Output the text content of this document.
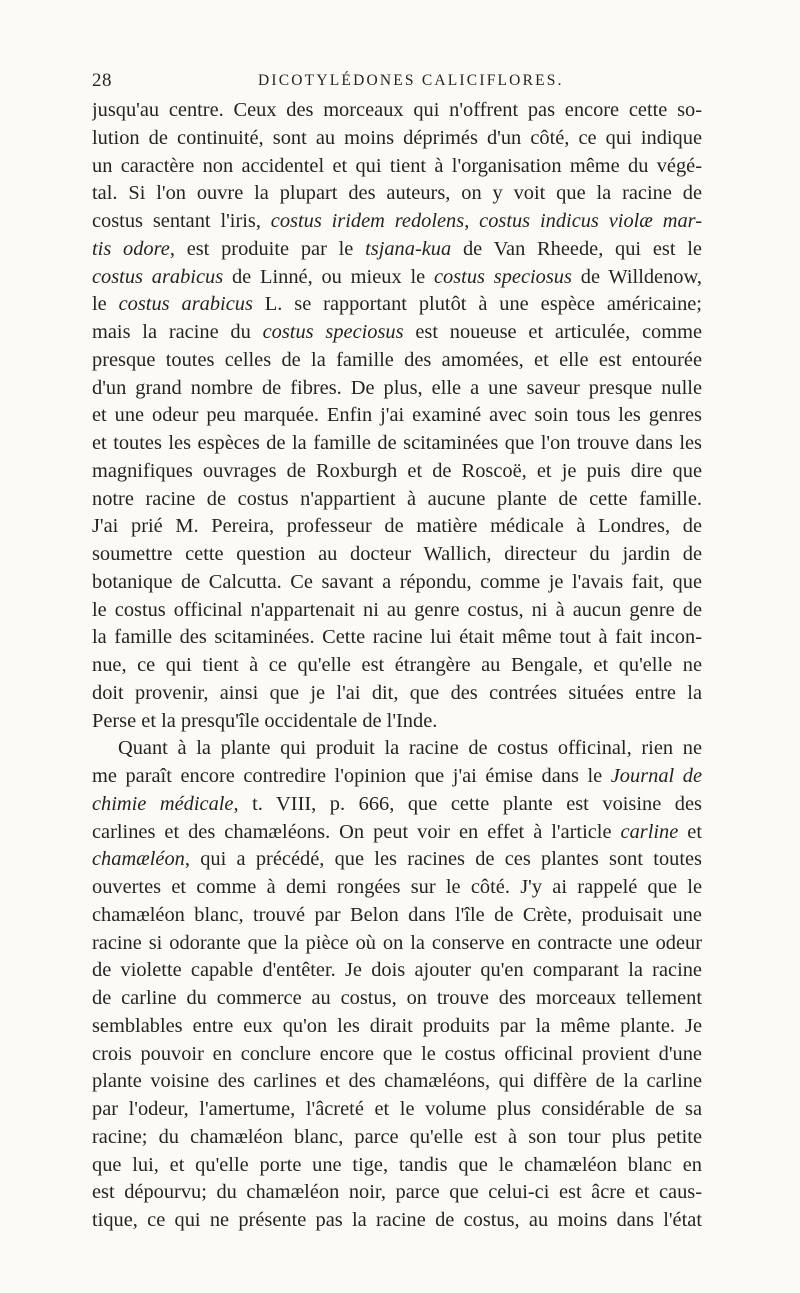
28	DICOTYLÉDONES CALICIFLORES.
jusqu'au centre. Ceux des morceaux qui n'offrent pas encore cette so-
lution de continuité, sont au moins déprimés d'un côté, ce qui indique
un caractère non accidentel et qui tient à l'organisation même du végé-
tal. Si l'on ouvre la plupart des auteurs, on y voit que la racine de
costus sentant l'iris, costus iridem redolens, costus indicus violæ mar-
tis odore, est produite par le tsjana-kua de Van Rheede, qui est le
costus arabicus de Linné, ou mieux le costus speciosus de Willdenow,
le costus arabicus L. se rapportant plutôt à une espèce américaine;
mais la racine du costus speciosus est noueuse et articulée, comme
presque toutes celles de la famille des amomées, et elle est entourée
d'un grand nombre de fibres. De plus, elle a une saveur presque nulle
et une odeur peu marquée. Enfin j'ai examiné avec soin tous les genres
et toutes les espèces de la famille de scitaminées que l'on trouve dans les
magnifiques ouvrages de Roxburgh et de Roscoë, et je puis dire que
notre racine de costus n'appartient à aucune plante de cette famille.
J'ai prié M. Pereira, professeur de matière médicale à Londres, de
soumettre cette question au docteur Wallich, directeur du jardin de
botanique de Calcutta. Ce savant a répondu, comme je l'avais fait, que
le costus officinal n'appartenait ni au genre costus, ni à aucun genre de
la famille des scitaminées. Cette racine lui était même tout à fait incon-
nue, ce qui tient à ce qu'elle est étrangère au Bengale, et qu'elle ne
doit provenir, ainsi que je l'ai dit, que des contrées situées entre la
Perse et la presqu'île occidentale de l'Inde.
Quant à la plante qui produit la racine de costus officinal, rien ne
me paraît encore contredire l'opinion que j'ai émise dans le Journal de
chimie médicale, t. VIII, p. 666, que cette plante est voisine des
carlines et des chamæléons. On peut voir en effet à l'article carline et
chamæléon, qui a précédé, que les racines de ces plantes sont toutes
ouvertes et comme à demi rongées sur le côté. J'y ai rappelé que le
chamæléon blanc, trouvé par Belon dans l'île de Crète, produisait une
racine si odorante que la pièce où on la conserve en contracte une odeur
de violette capable d'entêter. Je dois ajouter qu'en comparant la racine
de carline du commerce au costus, on trouve des morceaux tellement
semblables entre eux qu'on les dirait produits par la même plante. Je
crois pouvoir en conclure encore que le costus officinal provient d'une
plante voisine des carlines et des chamæléons, qui diffère de la carline
par l'odeur, l'amertume, l'âcreté et le volume plus considérable de sa
racine; du chamæléon blanc, parce qu'elle est à son tour plus petite
que lui, et qu'elle porte une tige, tandis que le chamæléon blanc en
est dépourvu; du chamæléon noir, parce que celui-ci est âcre et caus-
tique, ce qui ne présente pas la racine de costus, au moins dans l'état
